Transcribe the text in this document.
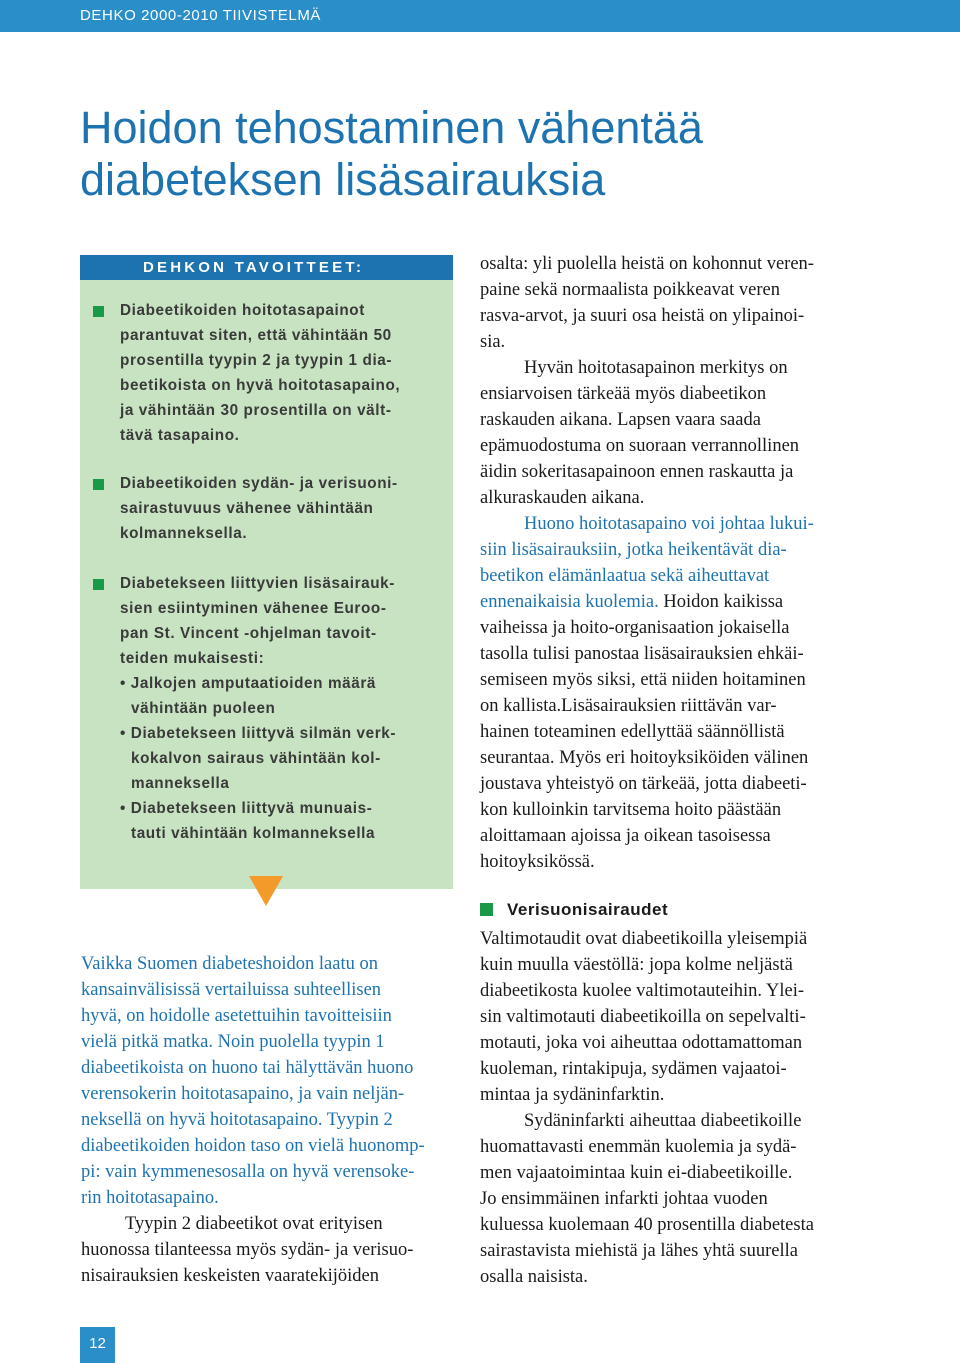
DEHKO 2000-2010 TIIVISTELMÄ
Hoidon tehostaminen vähentää
diabeteksen lisäsairauksia
DEHKON TAVOITTEET:
Diabeetikoiden hoitotasapainot
parantuvat siten, että vähintään 50
prosentilla tyypin 2 ja tyypin 1 dia-
beetikoista on hyvä hoitotasapaino,
ja vähintään 30 prosentilla on vält-
tävä tasapaino.
Diabeetikoiden sydän- ja verisuoni-
sairastuvuus vähenee vähintään
kolmanneksella.
Diabetekseen liittyvien lisäsairauk-
sien esiintyminen vähenee Euroo-
pan St. Vincent -ohjelman tavoit-
teiden mukaisesti:
• Jalkojen amputaatioiden määrä
vähintään puoleen
• Diabetekseen liittyvä silmän verk-
kokalvon sairaus vähintään kol-
manneksella
• Diabetekseen liittyvä munuais-
tauti vähintään kolmanneksella
Vaikka Suomen diabeteshoidon laatu on
kansainvälisissä vertailuissa suhteellisen
hyvä, on hoidolle asetettuihin tavoitteisiin
vielä pitkä matka. Noin puolella tyypin 1
diabeetikoista on huono tai hälyttävän huono
verensokerin hoitotasapaino, ja vain neljän-
neksellä on hyvä hoitotasapaino. Tyypin 2
diabeetikoiden hoidon taso on vielä huonomp-
pi: vain kymmenesosalla on hyvä verensoke-
rin hoitotasapaino.
Tyypin 2 diabeetikot ovat erityisen
huonossa tilanteessa myös sydän- ja verisuo-
nisairauksien keskeisten vaaratekijöiden
osalta: yli puolella heistä on kohonnut veren-
paine sekä normaalista poikkeavat veren
rasva-arvot, ja suuri osa heistä on ylipainoi-
sia.
Hyvän hoitotasapainon merkitys on
ensiarvoisen tärkeää myös diabeetikon
raskauden aikana. Lapsen vaara saada
epämuodostuma on suoraan verrannollinen
äidin sokeritasapainoon ennen raskautta ja
alkuraskauden aikana.
Huono hoitotasapaino voi johtaa lukui-
siin lisäsairauksiin, jotka heikentävät dia-
beetikon elämänlaatua sekä aiheuttavat
ennenaikaisia kuolemia. Hoidon kaikissa
vaiheissa ja hoito-organisaation jokaisella
tasolla tulisi panostaa lisäsairauksien ehkäi-
semiseen myös siksi, että niiden hoitaminen
on kallista.Lisäsairauksien riittävän var-
hainen toteaminen edellyttää säännöllistä
seurantaa. Myös eri hoitoyksiköiden välinen
joustava yhteistyö on tärkeää, jotta diabeeti-
kon kulloinkin tarvitsema hoito päästään
aloittamaan ajoissa ja oikean tasoisessa
hoitoyksikössä.
Verisuonisairaudet
Valtimotaudit ovat diabeetikoilla yleisempiä
kuin muulla väestöllä: jopa kolme neljästä
diabeetikosta kuolee valtimotauteihin. Ylei-
sin valtimotauti diabeetikoilla on sepelvalti-
motauti, joka voi aiheuttaa odottamattoman
kuoleman, rintakipuja, sydämen vajaatoi-
mintaa ja sydäninfarktin.
Sydäninfarkti aiheuttaa diabeetikoille
huomattavasti enemmän kuolemia ja sydä-
men vajaatoimintaa kuin ei-diabeetikoille.
Jo ensimmäinen infarkti johtaa vuoden
kuluessa kuolemaan 40 prosentilla diabetesta
sairastavista miehistä ja lähes yhtä suurella
osalla naisista.
12
